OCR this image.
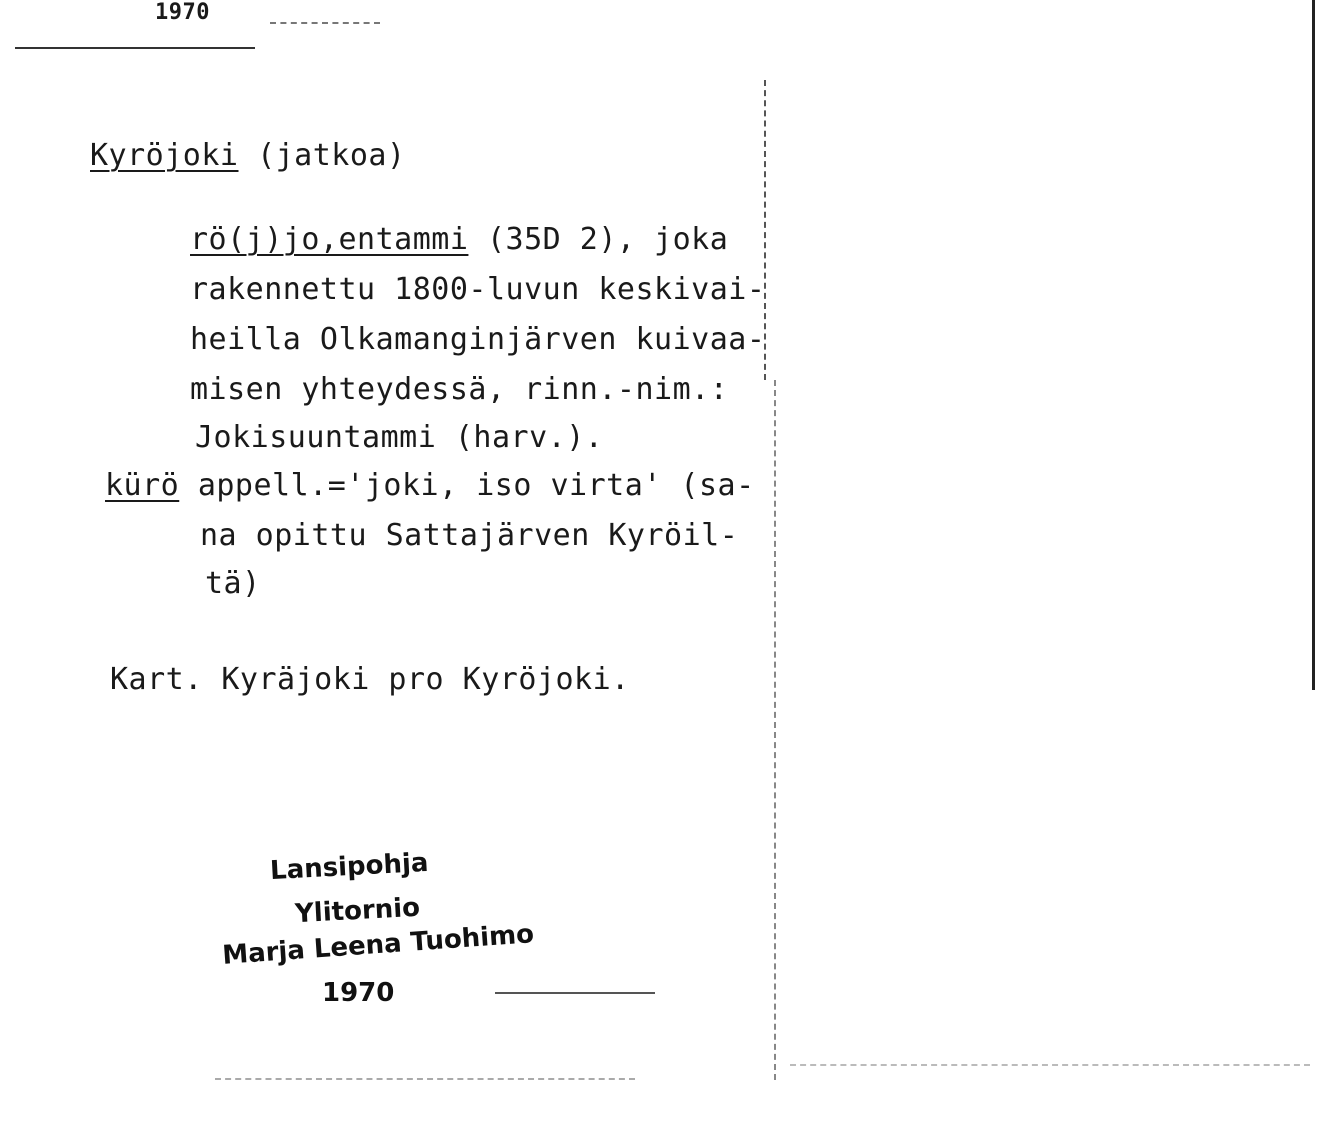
1970
Kyröjoki (jatkoa)
rö(j)jo,entammi (35D 2), joka
rakennettu 1800-luvun keskivai-
heilla Olkamanginjärven kuivaa-
misen yhteydessä, rinn.-nim.:
Jokisuuntammi (harv.).
kürö appell.='joki, iso virta' (sa-
na opittu Sattajärven Kyröil-
tä)
Kart. Kyräjoki pro Kyröjoki.
Lansipohja
Ylitornio
Marja Leena Tuohimo
1970
